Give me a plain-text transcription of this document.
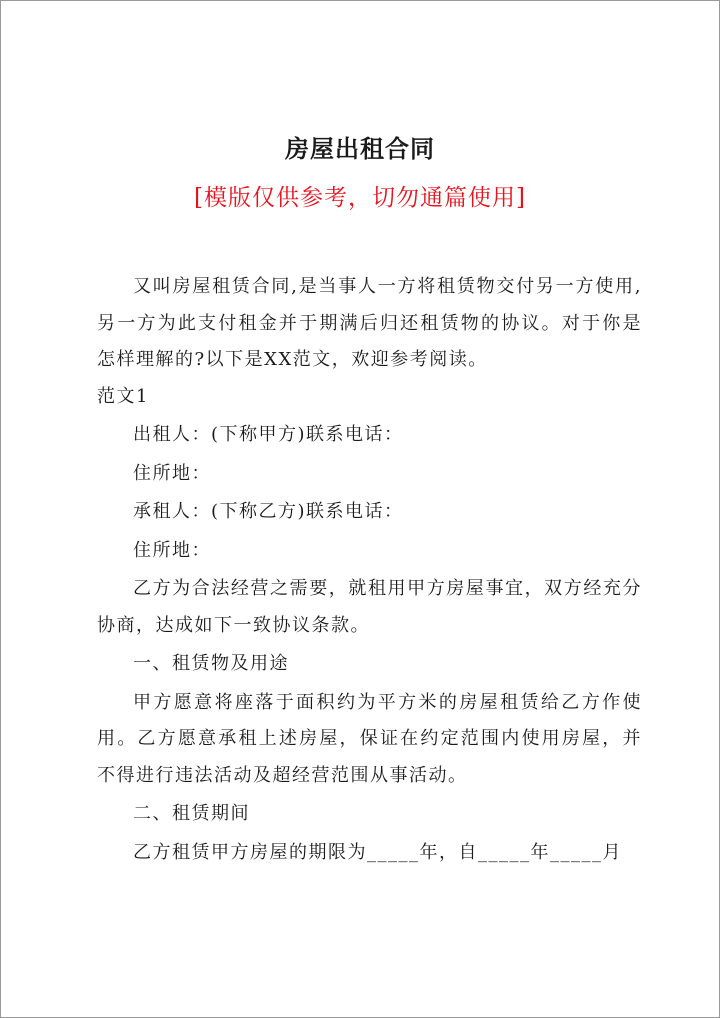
房屋出租合同
[模版仅供参考，切勿通篇使用]

又叫房屋租赁合同,是当事人一方将租赁物交付另一方使用,另一方为此支付租金并于期满后归还租赁物的协议。对于你是怎样理解的?以下是XX范文，欢迎参考阅读。

范文1

出租人：(下称甲方)联系电话：

住所地：

承租人：(下称乙方)联系电话：

住所地：

乙方为合法经营之需要，就租用甲方房屋事宜，双方经充分协商，达成如下一致协议条款。

一、租赁物及用途

甲方愿意将座落于面积约为平方米的房屋租赁给乙方作使用。乙方愿意承租上述房屋，保证在约定范围内使用房屋，并不得进行违法活动及超经营范围从事活动。

二、租赁期间

乙方租赁甲方房屋的期限为_____年，自_____年_____月
